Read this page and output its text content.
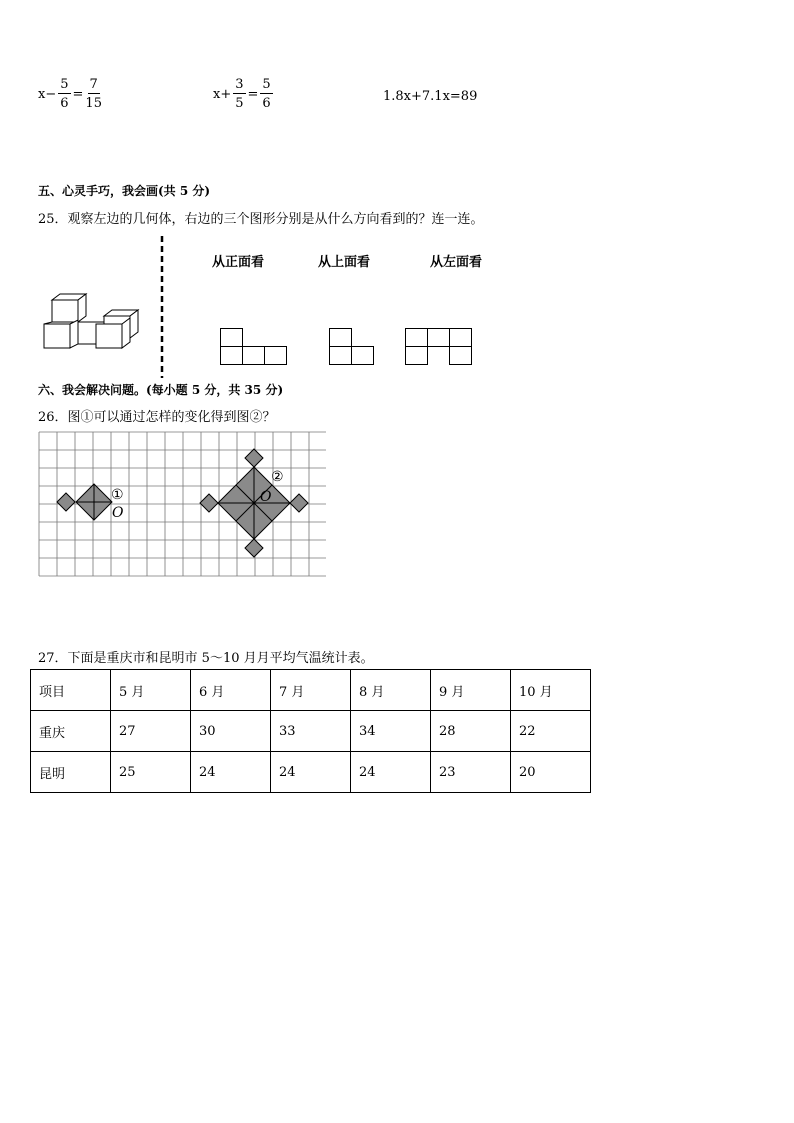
$x- \frac{5}{6} = \frac{7}{15}$	$x+ \frac{3}{5} = \frac{5}{6}$	1.8x+7.1x=89
五、心灵手巧，我会画(共 5 分)
25．观察左边的几何体，右边的三个图形分别是从什么方向看到的？连一连。
从正面看	从上面看	从左面看
六、我会解决问题。(每小题 5 分，共 35 分)
26．图①可以通过怎样的变化得到图②？
①
O
②
O
27．下面是重庆市和昆明市 5～10 月月平均气温统计表。
项目	5 月	6 月	7 月	8 月	9 月	10 月
重庆	27	30	33	34	28	22
昆明	25	24	24	24	23	20
